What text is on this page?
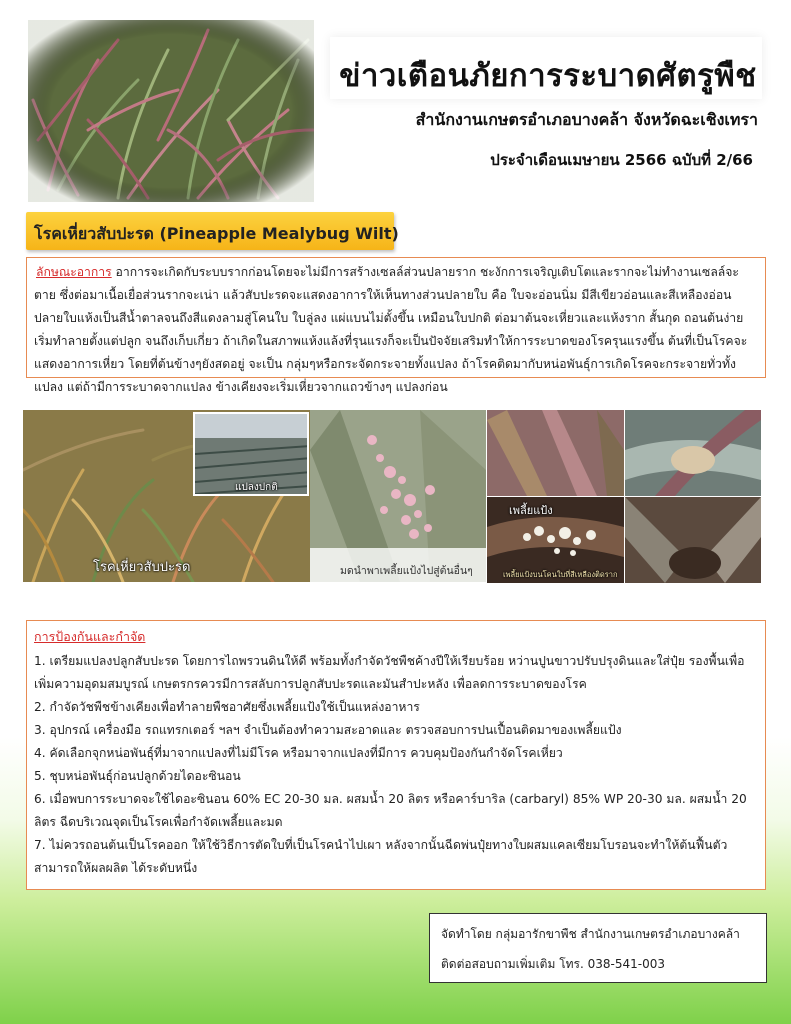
ข่าวเตือนภัยการระบาดศัตรูพืช
สำนักงานเกษตรอำเภอบางคล้า จังหวัดฉะเชิงเทรา
ประจำเดือนเมษายน 2566 ฉบับที่ 2/66
โรคเหี่ยวสับปะรด (Pineapple Mealybug Wilt)
ลักษณะอาการ อาการจะเกิดกับระบบรากก่อนโดยจะไม่มีการสร้างเซลล์ส่วนปลายราก ชะงักการเจริญเติบโตและรากจะไม่ทำงานเซลล์จะตาย ซึ่งต่อมาเนื้อเยื่อส่วนรากจะเน่า แล้วสับปะรดจะแสดงอาการให้เห็นทางส่วนปลายใบ คือ ใบจะอ่อนนิ่ม มีสีเขียวอ่อนและสีเหลืองอ่อน ปลายใบแห้งเป็นสีน้ำตาลจนถึงสีแดงลามสู่โคนใบ ใบลู่ลง แผ่แบนไม่ตั้งขึ้น เหมือนใบปกติ ต่อมาต้นจะเหี่ยวและแห้งราก สั้นกุด ถอนต้นง่ายเริ่มทำลายตั้งแต่ปลูก จนถึงเก็บเกี่ยว ถ้าเกิดในสภาพแห้งแล้งที่รุนแรงก็จะเป็นปัจจัยเสริมทำให้การระบาดของโรครุนแรงขึ้น ต้นที่เป็นโรคจะแสดงอาการเหี่ยว โดยที่ต้นข้างๆยังสดอยู่ จะเป็น กลุ่มๆหรือกระจัดกระจายทั้งแปลง ถ้าโรคติดมากับหน่อพันธุ์การเกิดโรคจะกระจายทั่วทั้งแปลง แต่ถ้ามีการระบาดจากแปลง ข้างเคียงจะเริ่มเหี่ยวจากแถวข้างๆ แปลงก่อน
โรคเหี่ยวสับปะรด
แปลงปกติ
มดนำพาเพลี้ยแป้งไปสู่ต้นอื่นๆ
เพลี้ยแป้ง
เพลี้ยแป้งบนโคนใบที่สีเหลืองติดราก
การป้องกันและกำจัด
1. เตรียมแปลงปลูกสับปะรด โดยการไถพรวนดินให้ดี พร้อมทั้งกำจัดวัชพืชค้างปีให้เรียบร้อย หว่านปูนขาวปรับปรุงดินและใส่ปุ๋ย รองพื้นเพื่อเพิ่มความอุดมสมบูรณ์ เกษตรกรควรมีการสลับการปลูกสับปะรดและมันสำปะหลัง เพื่อลดการระบาดของโรค
2. กำจัดวัชพืชข้างเคียงเพื่อทำลายพืชอาศัยซึ่งเพลี้ยแป้งใช้เป็นแหล่งอาหาร
3. อุปกรณ์ เครื่องมือ รถแทรกเตอร์ ฯลฯ จำเป็นต้องทำความสะอาดและ ตรวจสอบการปนเปื้อนติดมาของเพลี้ยแป้ง
4. คัดเลือกจุกหน่อพันธุ์ที่มาจากแปลงที่ไม่มีโรค หรือมาจากแปลงที่มีการ ควบคุมป้องกันกำจัดโรคเหี่ยว
5. ชุบหน่อพันธุ์ก่อนปลูกด้วยไดอะซินอน
6. เมื่อพบการระบาดจะใช้ไดอะซินอน 60% EC 20-30 มล. ผสมน้ำ 20 ลิตร หรือคาร์บาริล (carbaryl) 85% WP 20-30 มล. ผสมน้ำ 20 ลิตร ฉีดบริเวณจุดเป็นโรคเพื่อกำจัดเพลี้ยและมด
7. ไม่ควรถอนต้นเป็นโรคออก ให้ใช้วิธีการตัดใบที่เป็นโรคนำไปเผา หลังจากนั้นฉีดพ่นปุ๋ยทางใบผสมแคลเซียมโบรอนจะทำให้ต้นฟื้นตัวสามารถให้ผลผลิต ได้ระดับหนึ่ง
จัดทำโดย กลุ่มอารักขาพืช สำนักงานเกษตรอำเภอบางคล้า
ติดต่อสอบถามเพิ่มเติม โทร. 038-541-003
